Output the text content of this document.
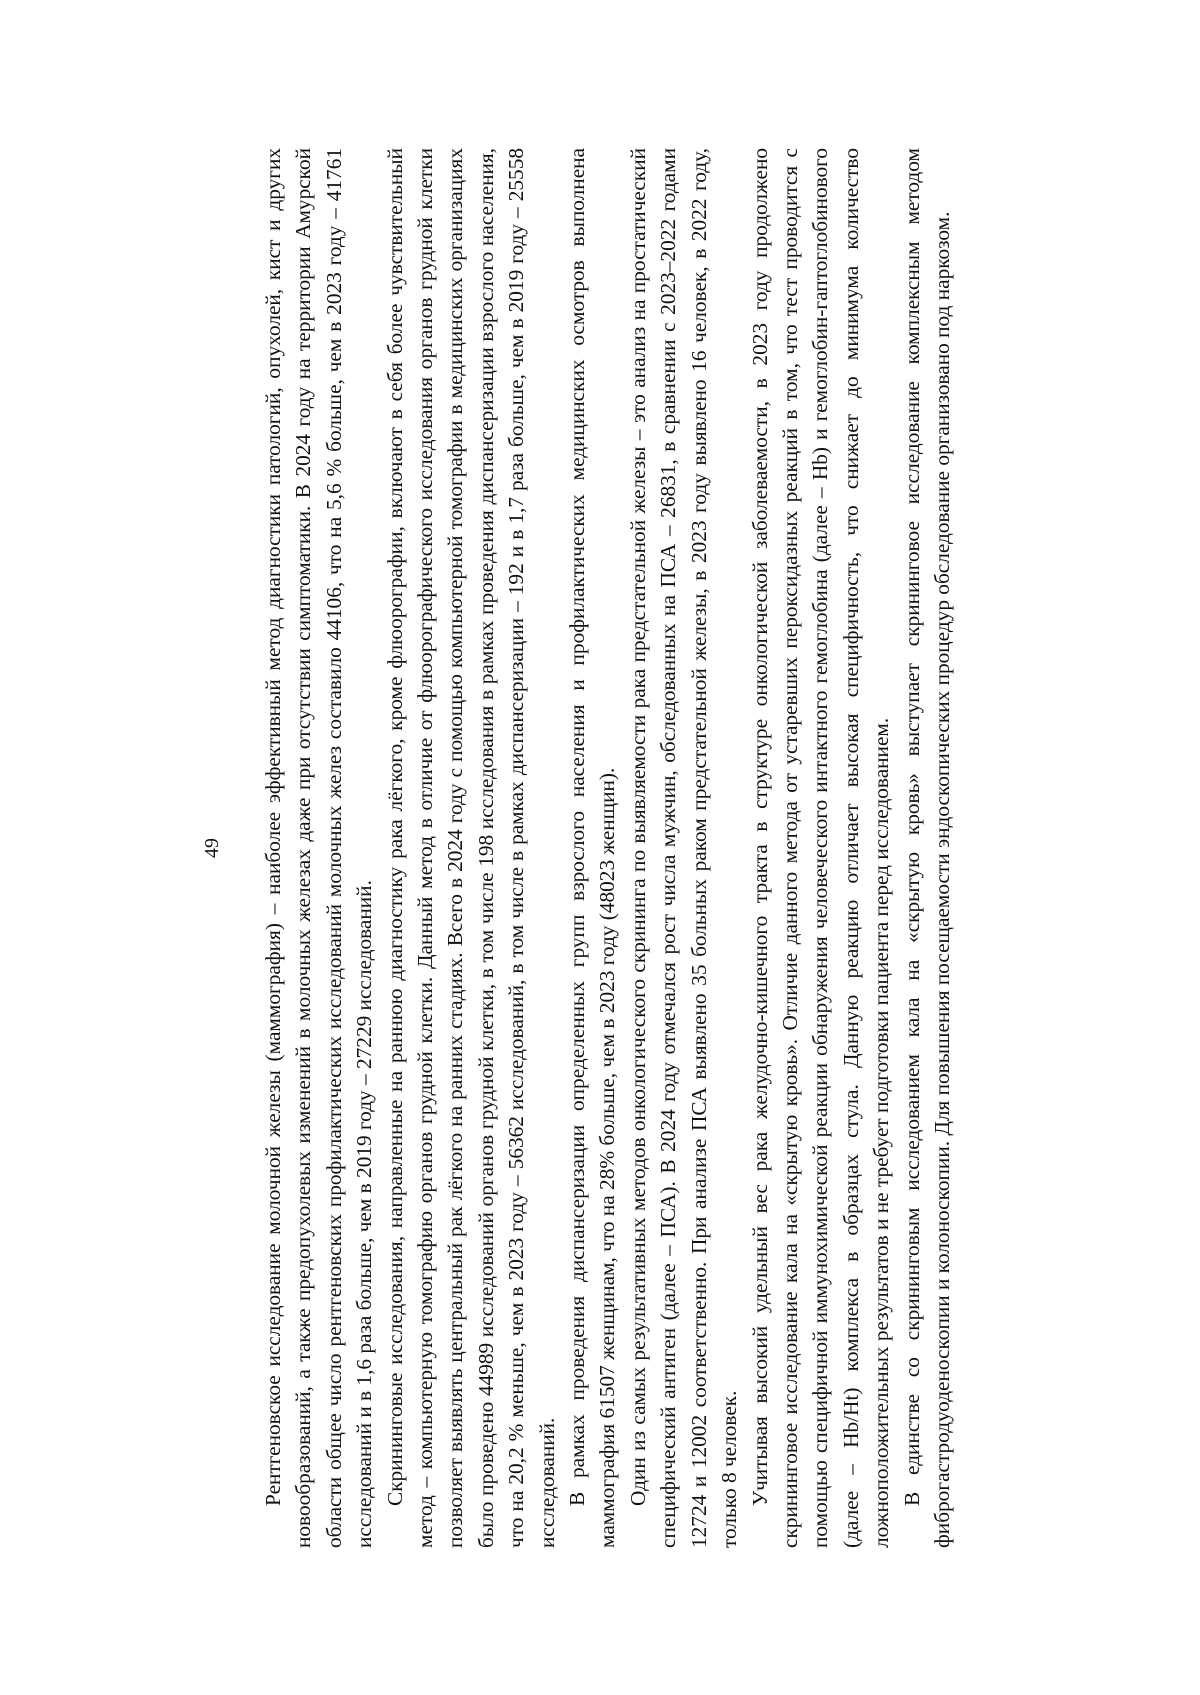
49 Рентгеновское исследование молочной железы (маммография) – наиболее эффективный метод диагностики патологий, опухолей, кист и других новообразований, а также предопухолевых изменений в молочных железах даже при отсутствии симптоматики. В 2024 году на территории Амурской области общее число рентгеновских профилактических исследований молочных желез составило 44106, что на 5,6 % больше, чем в 2023 году – 41761 исследований и в 1,6 раза больше, чем в 2019 году – 27229 исследований. Скрининговые исследования, направленные на раннюю диагностику рака лёгкого, кроме флюорографии, включают в себя более чувствительный метод – компьютерную томографию органов грудной клетки. Данный метод в отличие от флюорографического исследования органов грудной клетки позволяет выявлять центральный рак лёгкого на ранних стадиях. Всего в 2024 году с помощью компьютерной томографии в медицинских организациях было проведено 44989 исследований органов грудной клетки, в том числе 198 исследования в рамках проведения диспансеризации взрослого населения, что на 20,2 % меньше, чем в 2023 году – 56362 исследований, в том числе в рамках диспансеризации – 192 и в 1,7 раза больше, чем в 2019 году – 25558 исследований. В рамках проведения диспансеризации определенных групп взрослого населения и профилактических медицинских осмотров выполнена маммография 61507 женщинам, что на 28% больше, чем в 2023 году (48023 женщин). Один из самых результативных методов онкологического скрининга по выявляемости рака предстательной железы – это анализ на простатический специфический антиген (далее – ПСА). В 2024 году отмечался рост числа мужчин, обследованных на ПСА – 26831, в сравнении с 2023–2022 годами 12724 и 12002 соответственно. При анализе ПСА выявлено 35 больных раком предстательной железы, в 2023 году выявлено 16 человек, в 2022 году, только 8 человек. Учитывая высокий удельный вес рака желудочно-кишечного тракта в структуре онкологической заболеваемости, в 2023 году продолжено скрининговое исследование кала на «скрытую кровь». Отличие данного метода от устаревших пероксидазных реакций в том, что тест проводится с помощью специфичной иммунохимической реакции обнаружения человеческого интактного гемоглобина (далее – Hb) и гемоглобин-гаптоглобинового (далее – Hb/Ht) комплекса в образцах стула. Данную реакцию отличает высокая специфичность, что снижает до минимума количество ложноположительных результатов и не требует подготовки пациента перед исследованием. В единстве со скрининговым исследованием кала на «скрытую кровь» выступает скрининговое исследование комплексным методом фиброгастродуоденоскопии и колоноскопии. Для повышения посещаемости эндоскопических процедур обследование организовано под наркозом.
